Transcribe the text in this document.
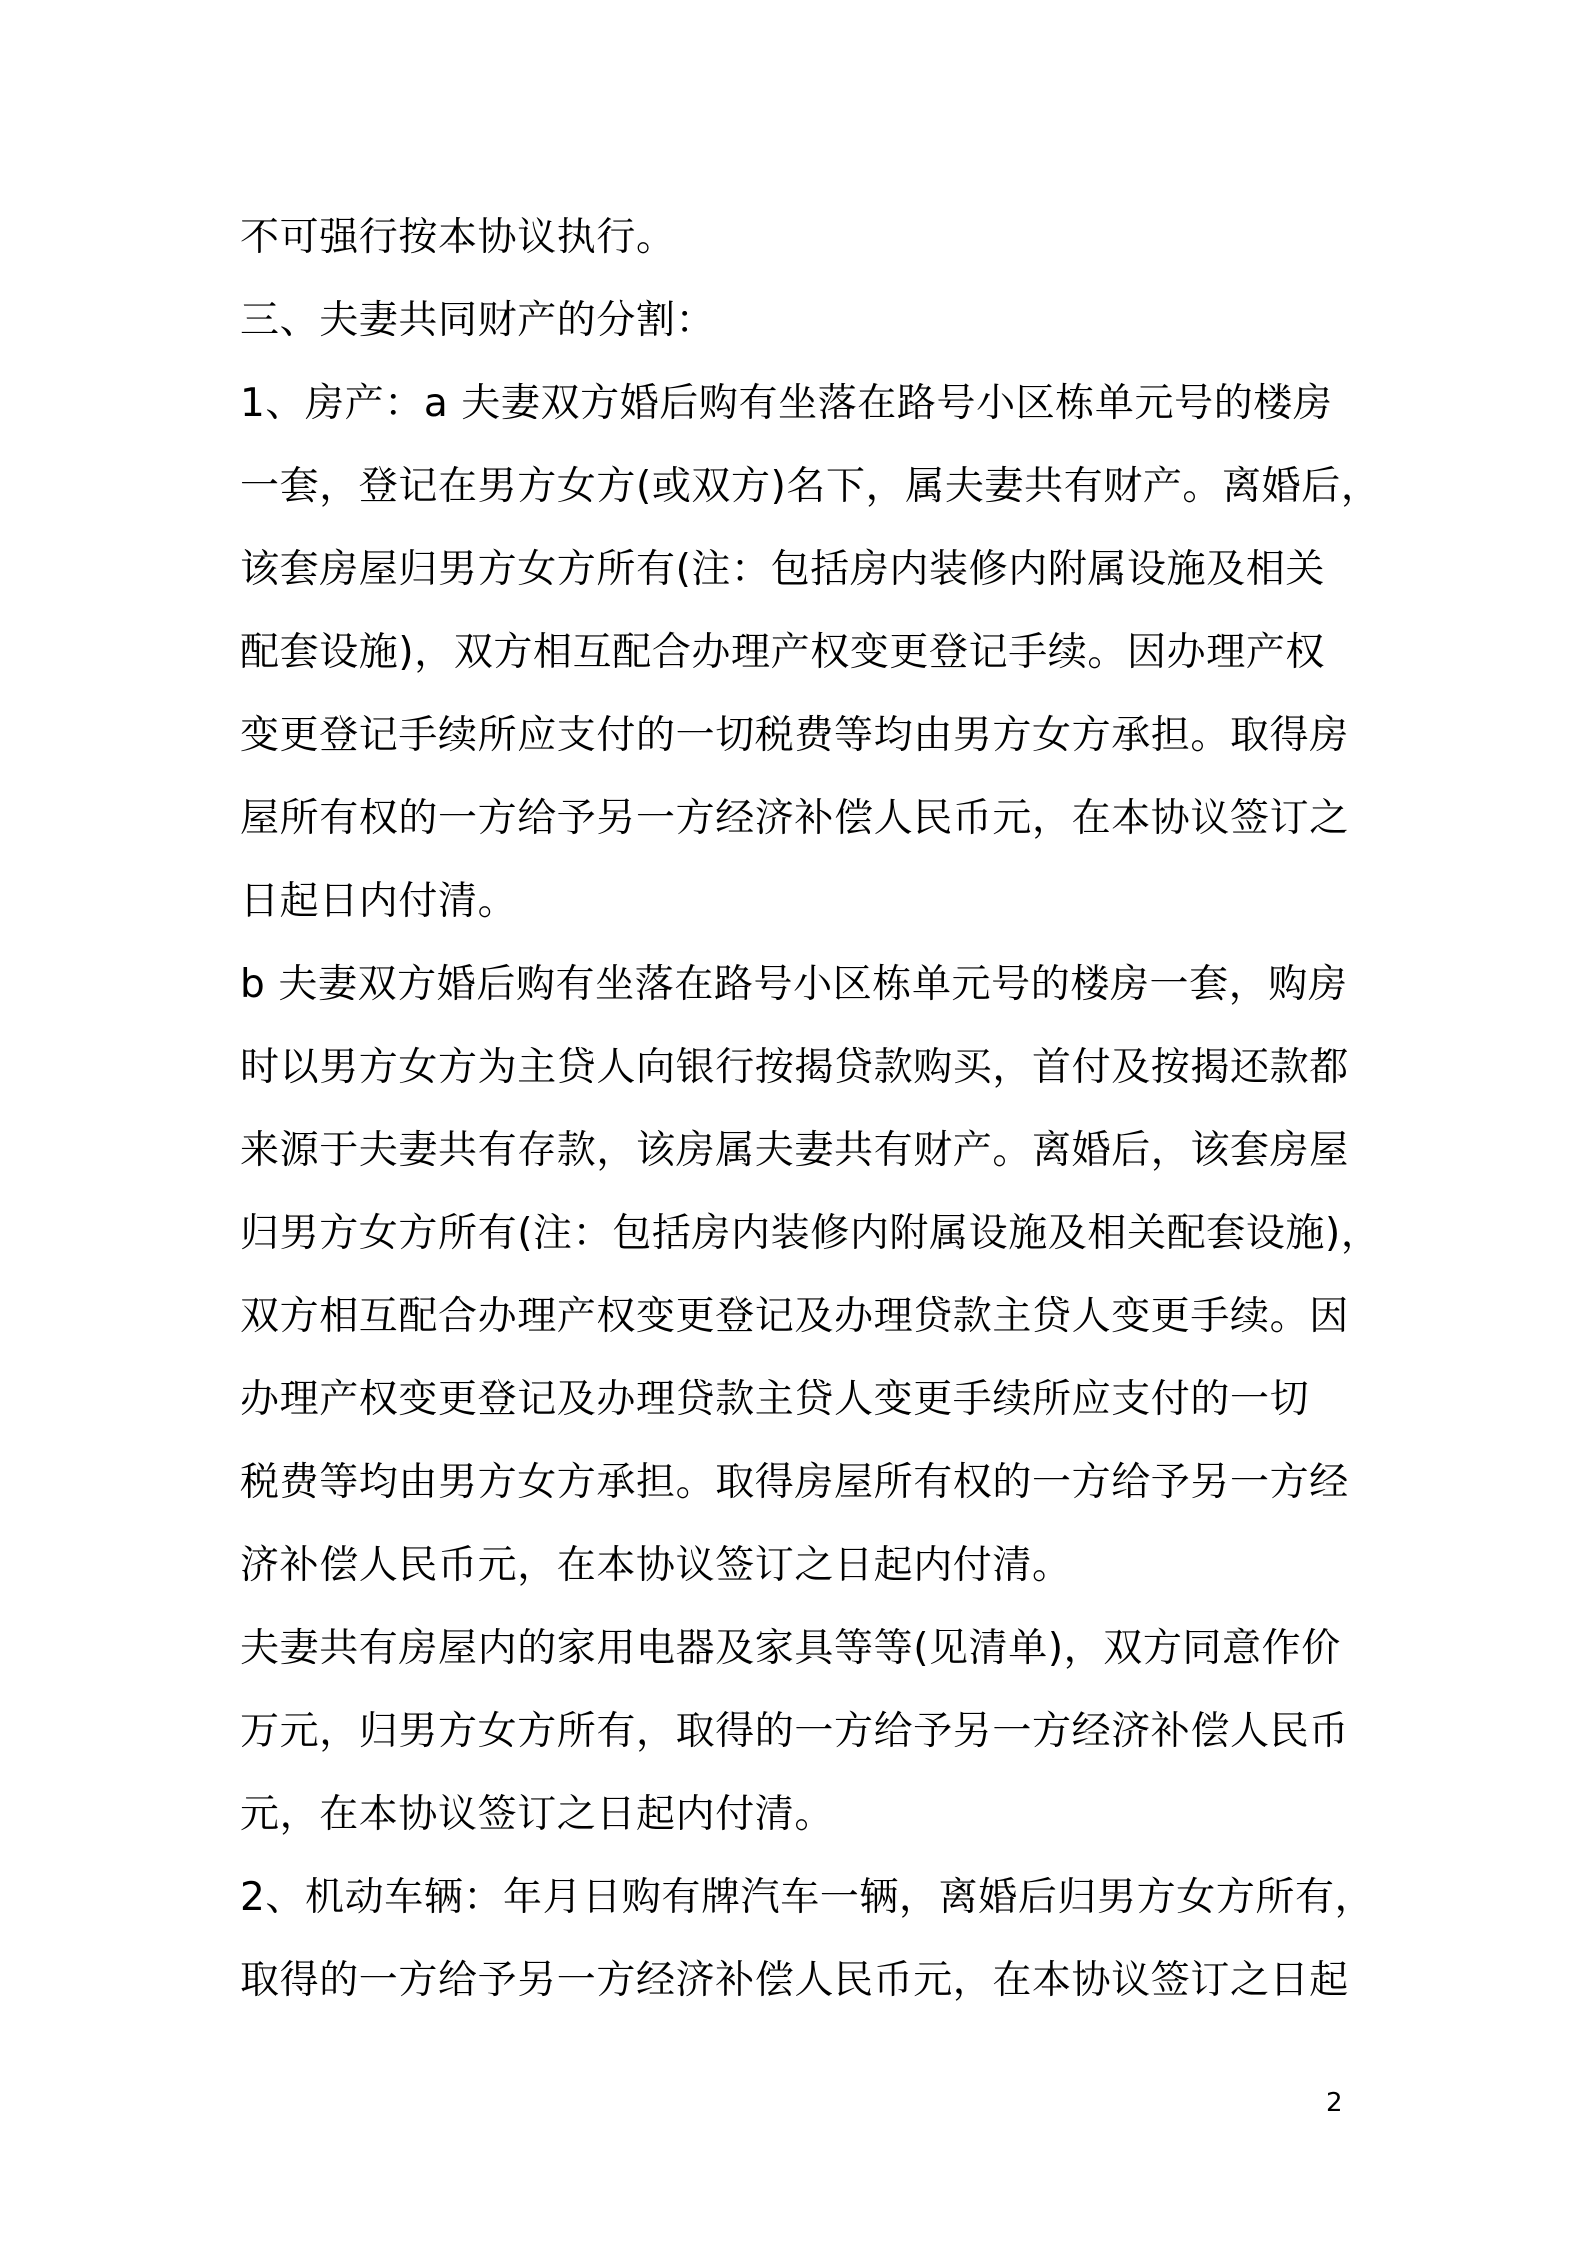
不可强行按本协议执行。
三、夫妻共同财产的分割：
1、房产：a 夫妻双方婚后购有坐落在路号小区栋单元号的楼房
一套，登记在男方女方(或双方)名下，属夫妻共有财产。离婚后，
该套房屋归男方女方所有(注：包括房内装修内附属设施及相关
配套设施)，双方相互配合办理产权变更登记手续。因办理产权
变更登记手续所应支付的一切税费等均由男方女方承担。取得房
屋所有权的一方给予另一方经济补偿人民币元，在本协议签订之
日起日内付清。
b 夫妻双方婚后购有坐落在路号小区栋单元号的楼房一套，购房
时以男方女方为主贷人向银行按揭贷款购买，首付及按揭还款都
来源于夫妻共有存款，该房属夫妻共有财产。离婚后，该套房屋
归男方女方所有(注：包括房内装修内附属设施及相关配套设施)，
双方相互配合办理产权变更登记及办理贷款主贷人变更手续。因
办理产权变更登记及办理贷款主贷人变更手续所应支付的一切
税费等均由男方女方承担。取得房屋所有权的一方给予另一方经
济补偿人民币元，在本协议签订之日起内付清。
夫妻共有房屋内的家用电器及家具等等(见清单)，双方同意作价
万元，归男方女方所有，取得的一方给予另一方经济补偿人民币
元，在本协议签订之日起内付清。
2、机动车辆：年月日购有牌汽车一辆，离婚后归男方女方所有，
取得的一方给予另一方经济补偿人民币元，在本协议签订之日起
2
